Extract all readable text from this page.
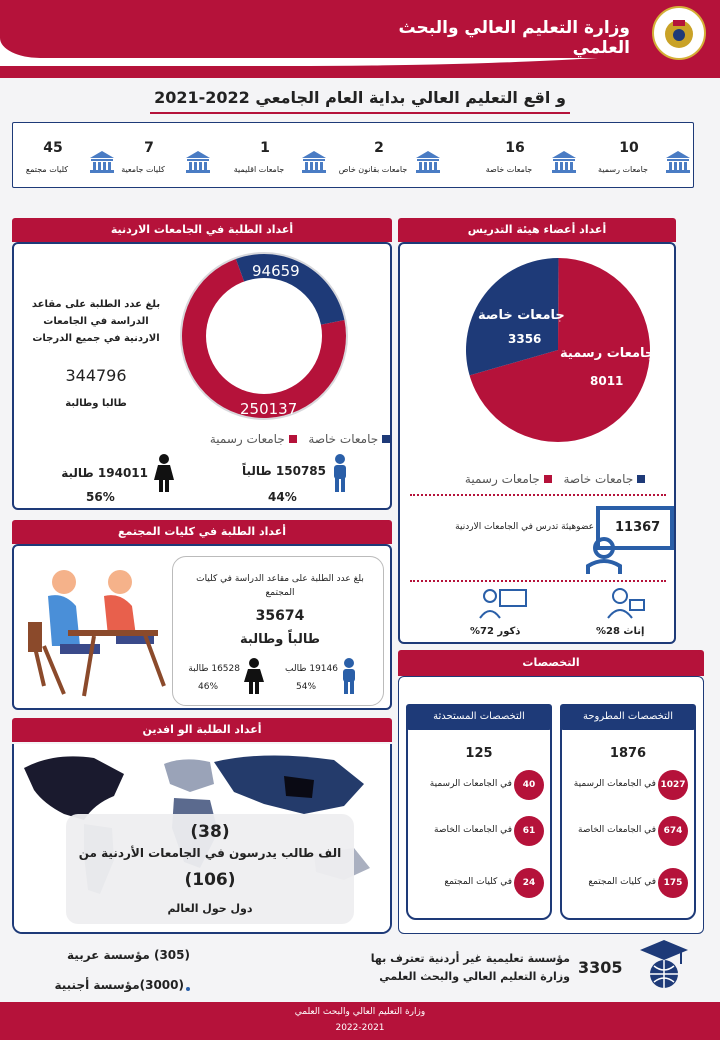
وزارة التعليم العالي والبحث العلمي
و اقع التعليم العالي بداية العام الجامعي 2022-2021
10
جامعات رسمية
16
جامعات خاصة
2
جامعات بقانون خاص
1
جامعات اقليمية
7
كليات جامعية
45
كليات مجتمع
أعداد الطلبة في الجامعات الاردنية
بلغ عدد الطلبة على مقاعد الدراسة في الجامعات الاردنية في جميع الدرجات
344796
طالبا وطالبة
94659
250137
جامعات خاصة  جامعات رسمية
150785 طالباً
44%
194011 طالبة
56%
أعداد أعضاء هيئة التدريس
جامعات خاصة
3356
جامعات رسمية
8011
جامعات خاصة  جامعات رسمية
11367
عضوهيئة تدرس في الجامعات الاردنية
إناث 28%
ذكور 72%
أعداد الطلبة في كليات المجتمع
بلغ عدد الطلبة على مقاعد الدراسة في كليات المجتمع
35674
طالباً وطالبة
19146 طالب
54%
16528 طالبة
46%
أعداد الطلبة الو افدين
(38)
الف طالب يدرسون في الجامعات الأردنية من
(106)
دول حول العالم
التخصصات
التخصصات المطروحة
1876
التخصصات المستحدثة
125
1027
في الجامعات الرسمية
674
في الجامعات الخاصة
175
في كليات المجتمع
40
في الجامعات الرسمية
61
في الجامعات الخاصة
24
في كليات المجتمع
3305
مؤسسة تعليمية غير أردنية تعترف بها
وزارة التعليم العالي والبحث العلمي
(305) مؤسسة عربية
(3000)مؤسسة أجنبية
وزارة التعليم العالي والبحث العلمي
2022-2021
